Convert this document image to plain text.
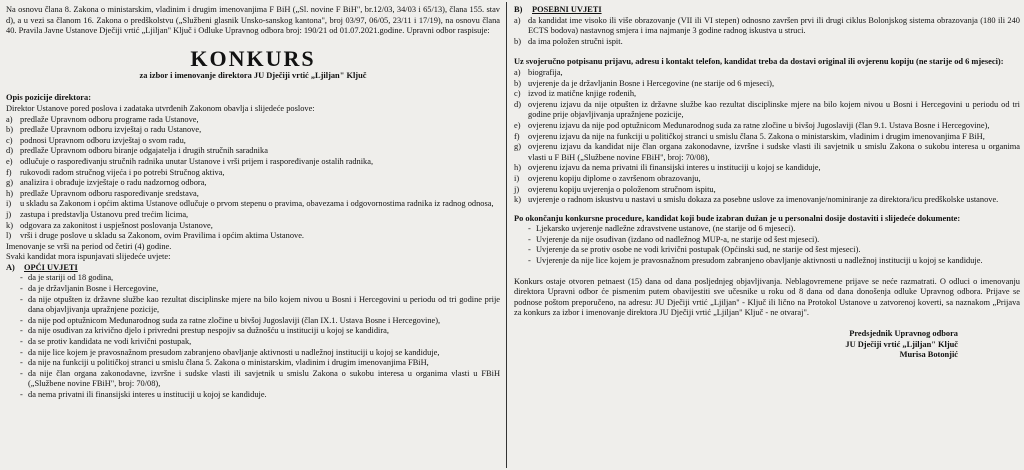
Na osnovu člana 8. Zakona o ministarskim, vladinim i drugim imenovanjima F BiH („Sl. novine F BiH", br.12/03, 34/03 i 65/13), člana 155. stav d), a u vezi sa članom 16. Zakona o predškolstvu („Službeni glasnik Unsko-sanskog kantona", broj 03/97, 06/05, 23/11 i 17/19), na osnovu člana 40. Pravila Javne Ustanove Dječiji vrtić „Ljiljan" Ključ i Odluke Upravnog odbora broj: 190/21 od 01.07.2021.godine. Upravni odbor raspisuje:

KONKURS
za izbor i imenovanje direktora JU Dječiji vrtić „Ljiljan" Ključ

Opis pozicije direktora:

Direktor Ustanove pored poslova i zadataka utvrđenih Zakonom obavlja i slijedeće poslove:

a) predlaže Upravnom odboru programe rada Ustanove,
b) predlaže Upravnom odboru izvještaj o radu Ustanove,
c) podnosi Upravnom odboru izvještaj o svom radu,
d) predlaže Upravnom odboru biranje odgajatelja i drugih stručnih saradnika
e) odlučuje o raspoređivanju stručnih radnika unutar Ustanove i vrši prijem i raspoređivanje ostalih radnika,
f)	rukovodi radom stručnog vijeća i po potrebi Stručnog aktiva,
g) analizira i obrađuje izvještaje o radu nadzornog odbora,
h) predlaže Upravnom odboru raspoređivanje sredstava,
i)	u skladu sa Zakonom i općim aktima Ustanove odlučuje o prvom stepenu o pravima, obavezama i odgovornostima radnika iz radnog odnosa,
j)	zastupa i predstavlja Ustanovu pred trećim licima,
k) odgovara za zakonitost i uspješnost poslovanja Ustanove,
l)	vrši i druge poslove u skladu sa Zakonom, ovim Pravilima i općim aktima Ustanove.

Imenovanje se vrši na period od četiri (4) godine.

Svaki kandidat mora ispunjavati slijedeće uvjete:

A)	OPĆI UVJETI
- da je stariji od 18 godina,
- da je državljanin Bosne i Hercegovine,
- da nije otpušten iz državne službe kao rezultat disciplinske mjere na bilo kojem nivou u Bosni i Hercegovini u periodu od tri godine prije dana objavljivanja upražnjene pozicije,
- da nije pod optužnicom Međunarodnog suda za ratne zločine u bivšoj Jugoslaviji (član IX.1. Ustava Bosne i Hercegovine),
- da nije osuđivan za krivično djelo i privredni prestup nespojiv sa dužnošću u instituciji u kojoj se kandidira,
- da se protiv kandidata ne vodi krivični postupak,
- da nije lice kojem je pravosnažnom presudom zabranjeno obavljanje aktivnosti u nadležnoj instituciji u kojoj se kandiduje,
- da nije na funkciji u političkoj stranci u smislu člana 5. Zakona o ministarskim, vladinim i drugim imenovanjima FBiH,
- da nije član organa zakonodavne, izvršne i sudske vlasti ili savjetnik u smislu Zakona o sukobu interesa u organima vlasti u FBiH („Službene novine FBiH", broj: 70/08),
- da nema privatni ili finansijski interes u instituciji u kojoj se kandiduje.
B)	POSEBNI UVJETI
a) da kandidat ime visoko ili više obrazovanje (VII ili VI stepen) odnosno završen prvi ili drugi ciklus Bolonjskog sistema obrazovanja (180 ili 240 ECTS bodova) nastavnog smjera i ima najmanje 3 godine radnog iskustva u struci.
b) da ima položen stručni ispit.

Uz svojeručno potpisanu prijavu, adresu i kontakt telefon, kandidat treba da dostavi original ili ovjerenu kopiju (ne starije od 6 mjeseci):

a) biografija,
b) uvjerenje da je državljanin Bosne i Hercegovine (ne starije od 6 mjeseci),
c) izvod iz matične knjige rođenih,
d) ovjerenu izjavu da nije otpušten iz državne službe kao rezultat disciplinske mjere na bilo kojem nivou u Bosni i Hercegovini u periodu od tri godine prije objavljivanja upražnjene pozicije,
e) ovjerenu izjavu da nije pod optužnicom Međunarodnog suda za ratne zločine u bivšoj Jugoslaviji (član 9.1. Ustava Bosne i Hercegovine),
f)	ovjerenu izjavu da nije na funkciji u političkoj stranci u smislu člana 5. Zakona o ministarskim, vladinim i drugim imenovanjima F BiH,
g) ovjerenu izjavu da kandidat nije član organa zakonodavne, izvršne i sudske vlasti ili savjetnik u smislu Zakona o sukobu interesa u organima vlasti u F BiH („Službene novine FBiH", broj: 70/08),
h) ovjerenu izjavu da nema privatni ili finansijski interes u instituciji u kojoj se kandiduje,
i)	ovjerenu kopiju diplome o završenom obrazovanju,
j)	ovjerenu kopiju uvjerenja o položenom stručnom ispitu,
k) uvjerenje o radnom iskustvu u nastavi u smislu dokaza za posebne uslove za imenovanje/nominiranje za direktora/icu predškolske ustanove.

Po okončanju konkursne procedure, kandidat koji bude izabran dužan je u personalni dosije dostaviti i slijedeće dokumente:

- Ljekarsko uvjerenje nadležne zdravstvene ustanove, (ne starije od 6 mjeseci).
- Uvjerenje da nije osuđivan (izdano od nadležnog MUP-a, ne starije od šest mjeseci).
- Uvjerenje da se protiv osobe ne vodi krivični postupak (Općinski sud, ne starije od šest mjeseci).
- Uvjerenje da nije lice kojem je pravosnažnom presudom zabranjeno obavljanje aktivnosti u nadležnoj instituciji u kojoj se kandiduje.

Konkurs ostaje otvoren petnaest (15) dana od dana posljednjeg objavljivanja. Neblagovremene prijave se neće razmatrati. O odluci o imenovanju direktora Upravni odbor će pismenim putem obavijestiti sve učesnike u roku od 8 dana od dana donošenja odluke Upravnog odbora. Prijave se podnose poštom preporučeno, na adresu: JU Dječiji vrtić „Ljiljan" - Ključ ili lično na Protokol Ustanove u zatvorenoj koverti, sa naznakom „Prijava za konkurs za izbor i imenovanje direktora JU Dječiji vrtić „Ljiljan" Ključ - ne otvaraj".

Predsjednik Upravnog odbora
JU Dječiji vrtić „Ljiljan" Ključ
Murisa Botonjić
